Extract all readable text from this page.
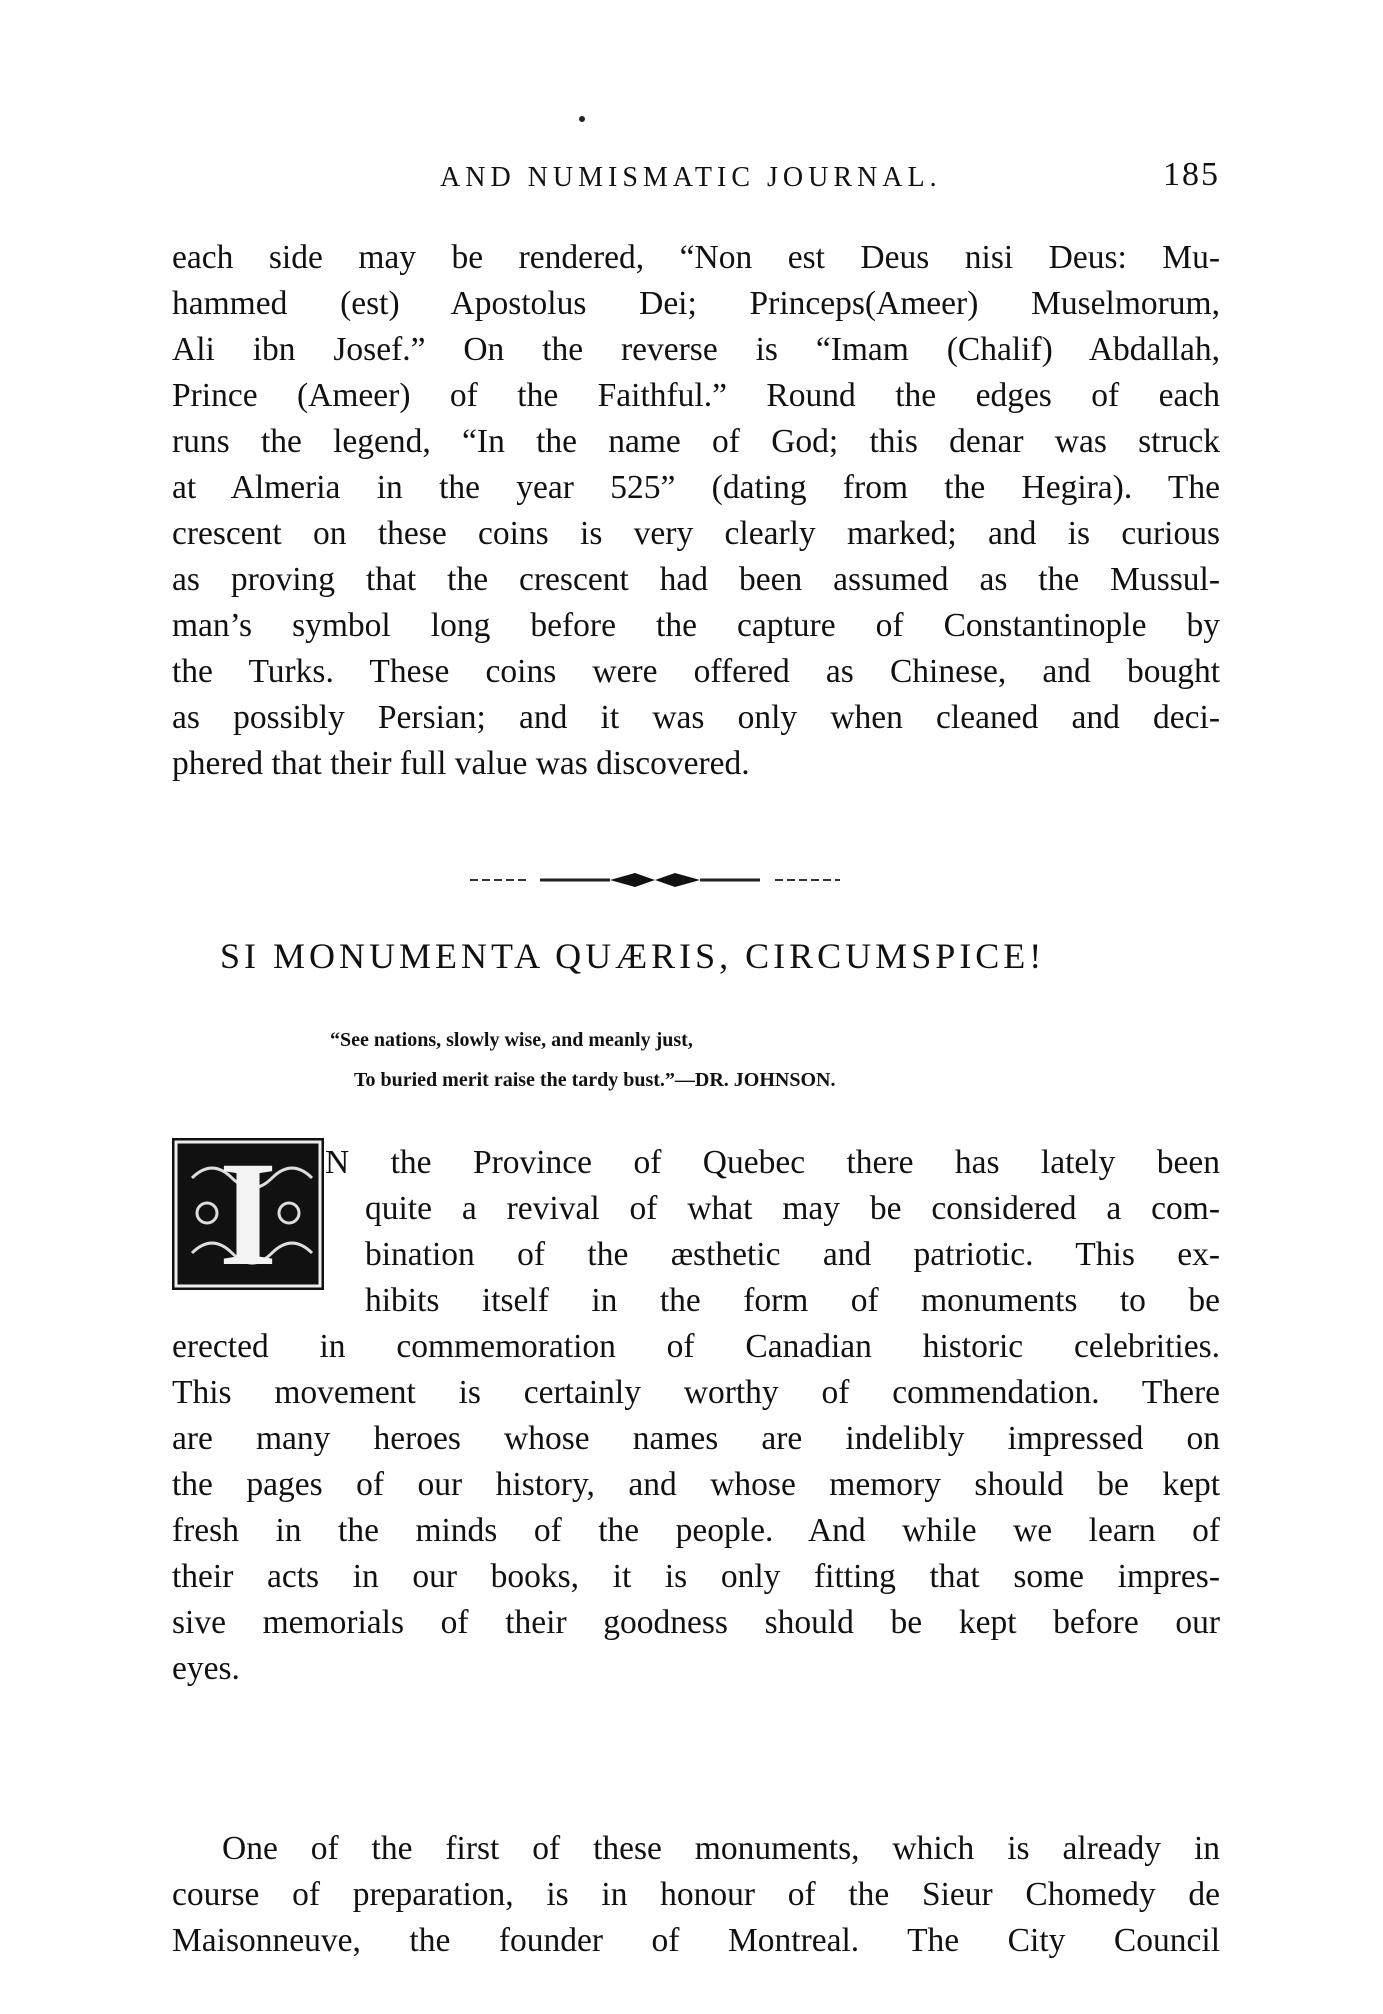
AND NUMISMATIC JOURNAL.	185
each side may be rendered, “Non est Deus nisi Deus: Mu-
hammed (est) Apostolus Dei; Princeps(Ameer) Muselmorum,
Ali ibn Josef.” On the reverse is “Imam (Chalif) Abdallah,
Prince (Ameer) of the Faithful.” Round the edges of each
runs the legend, “In the name of God; this denar was struck
at Almeria in the year 525” (dating from the Hegira). The
crescent on these coins is very clearly marked; and is curious
as proving that the crescent had been assumed as the Mussul-
man’s symbol long before the capture of Constantinople by
the Turks. These coins were offered as Chinese, and bought
as possibly Persian; and it was only when cleaned and deci-
phered that their full value was discovered.
SI MONUMENTA QUÆRIS, CIRCUMSPICE!
“See nations, slowly wise, and meanly just,
To buried merit raise the tardy bust.”—DR. JOHNSON.
I	N the Province of Quebec there has lately been
quite a revival of what may be considered a com-
bination of the æsthetic and patriotic. This ex-
hibits itself in the form of monuments to be
erected in commemoration of Canadian historic celebrities.
This movement is certainly worthy of commendation. There
are many heroes whose names are indelibly impressed on
the pages of our history, and whose memory should be kept
fresh in the minds of the people. And while we learn of
their acts in our books, it is only fitting that some impres-
sive memorials of their goodness should be kept before our
eyes.
One of the first of these monuments, which is already in
course of preparation, is in honour of the Sieur Chomedy de
Maisonneuve, the founder of Montreal. The City Council
